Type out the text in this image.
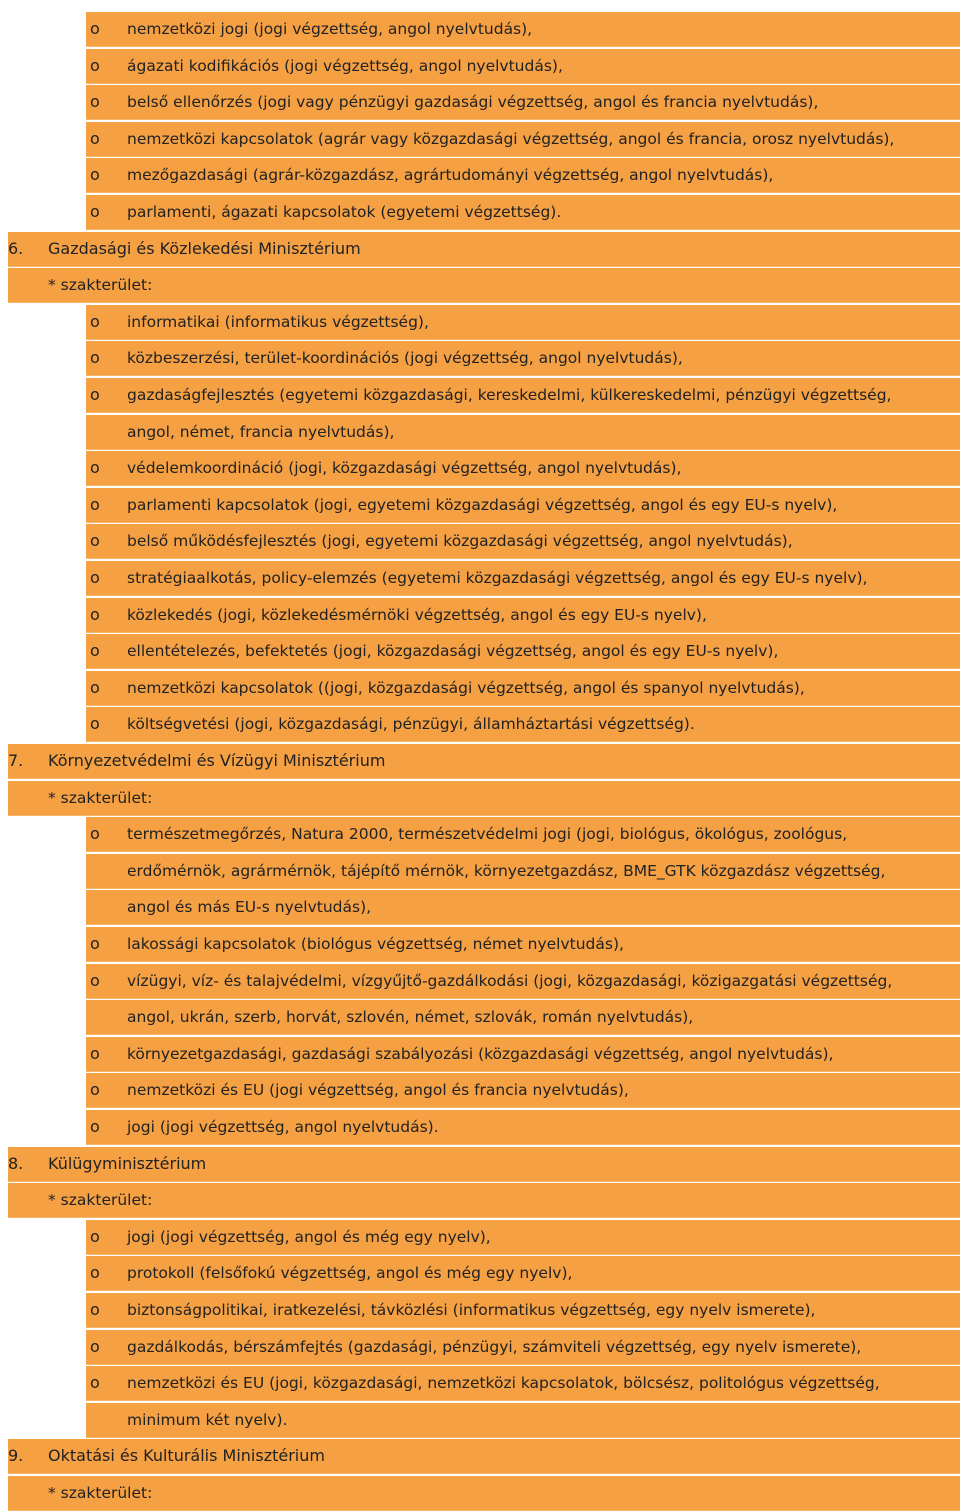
o nemzetközi jogi (jogi végzettség, angol nyelvtudás),
o ágazati kodifikációs (jogi végzettség, angol nyelvtudás),
o belső ellenőrzés (jogi vagy pénzügyi gazdasági végzettség, angol és francia nyelvtudás),
o nemzetközi kapcsolatok (agrár vagy közgazdasági végzettség, angol és francia, orosz nyelvtudás),
o mezőgazdasági (agrár-közgazdász, agrártudományi végzettség, angol nyelvtudás),
o parlamenti, ágazati kapcsolatok (egyetemi végzettség).
6. Gazdasági és Közlekedési Minisztérium
* szakterület:
o informatikai (informatikus végzettség),
o közbeszerzési, terület-koordinációs (jogi végzettség, angol nyelvtudás),
o gazdaságfejlesztés (egyetemi közgazdasági, kereskedelmi, külkereskedelmi, pénzügyi végzettség,
angol, német, francia nyelvtudás),
o védelemkoordináció (jogi, közgazdasági végzettség, angol nyelvtudás),
o parlamenti kapcsolatok (jogi, egyetemi közgazdasági végzettség, angol és egy EU-s nyelv),
o belső működésfejlesztés (jogi, egyetemi közgazdasági végzettség, angol nyelvtudás),
o stratégiaalkotás, policy-elemzés (egyetemi közgazdasági végzettség, angol és egy EU-s nyelv),
o közlekedés (jogi, közlekedésmérnöki végzettség, angol és egy EU-s nyelv),
o ellentételezés, befektetés (jogi, közgazdasági végzettség, angol és egy EU-s nyelv),
o nemzetközi kapcsolatok ((jogi, közgazdasági végzettség, angol és spanyol nyelvtudás),
o költségvetési (jogi, közgazdasági, pénzügyi, államháztartási végzettség).
7. Környezetvédelmi és Vízügyi Minisztérium
* szakterület:
o természetmegőrzés, Natura 2000, természetvédelmi jogi (jogi, biológus, ökológus, zoológus,
erdőmérnök, agrármérnök, tájépítő mérnök, környezetgazdász, BME_GTK közgazdász végzettség,
angol és más EU-s nyelvtudás),
o lakossági kapcsolatok (biológus végzettség, német nyelvtudás),
o vízügyi, víz- és talajvédelmi, vízgyűjtő-gazdálkodási (jogi, közgazdasági, közigazgatási végzettség,
angol, ukrán, szerb, horvát, szlovén, német, szlovák, román nyelvtudás),
o környezetgazdasági, gazdasági szabályozási (közgazdasági végzettség, angol nyelvtudás),
o nemzetközi és EU (jogi végzettség, angol és francia nyelvtudás),
o jogi (jogi végzettség, angol nyelvtudás).
8. Külügyminisztérium
* szakterület:
o jogi (jogi végzettség, angol és még egy nyelv),
o protokoll (felsőfokú végzettség, angol és még egy nyelv),
o biztonságpolitikai, iratkezelési, távközlési (informatikus végzettség, egy nyelv ismerete),
o gazdálkodás, bérszámfejtés (gazdasági, pénzügyi, számviteli végzettség, egy nyelv ismerete),
o nemzetközi és EU (jogi, közgazdasági, nemzetközi kapcsolatok, bölcsész, politológus végzettség,
minimum két nyelv).
9. Oktatási és Kulturális Minisztérium
* szakterület:
